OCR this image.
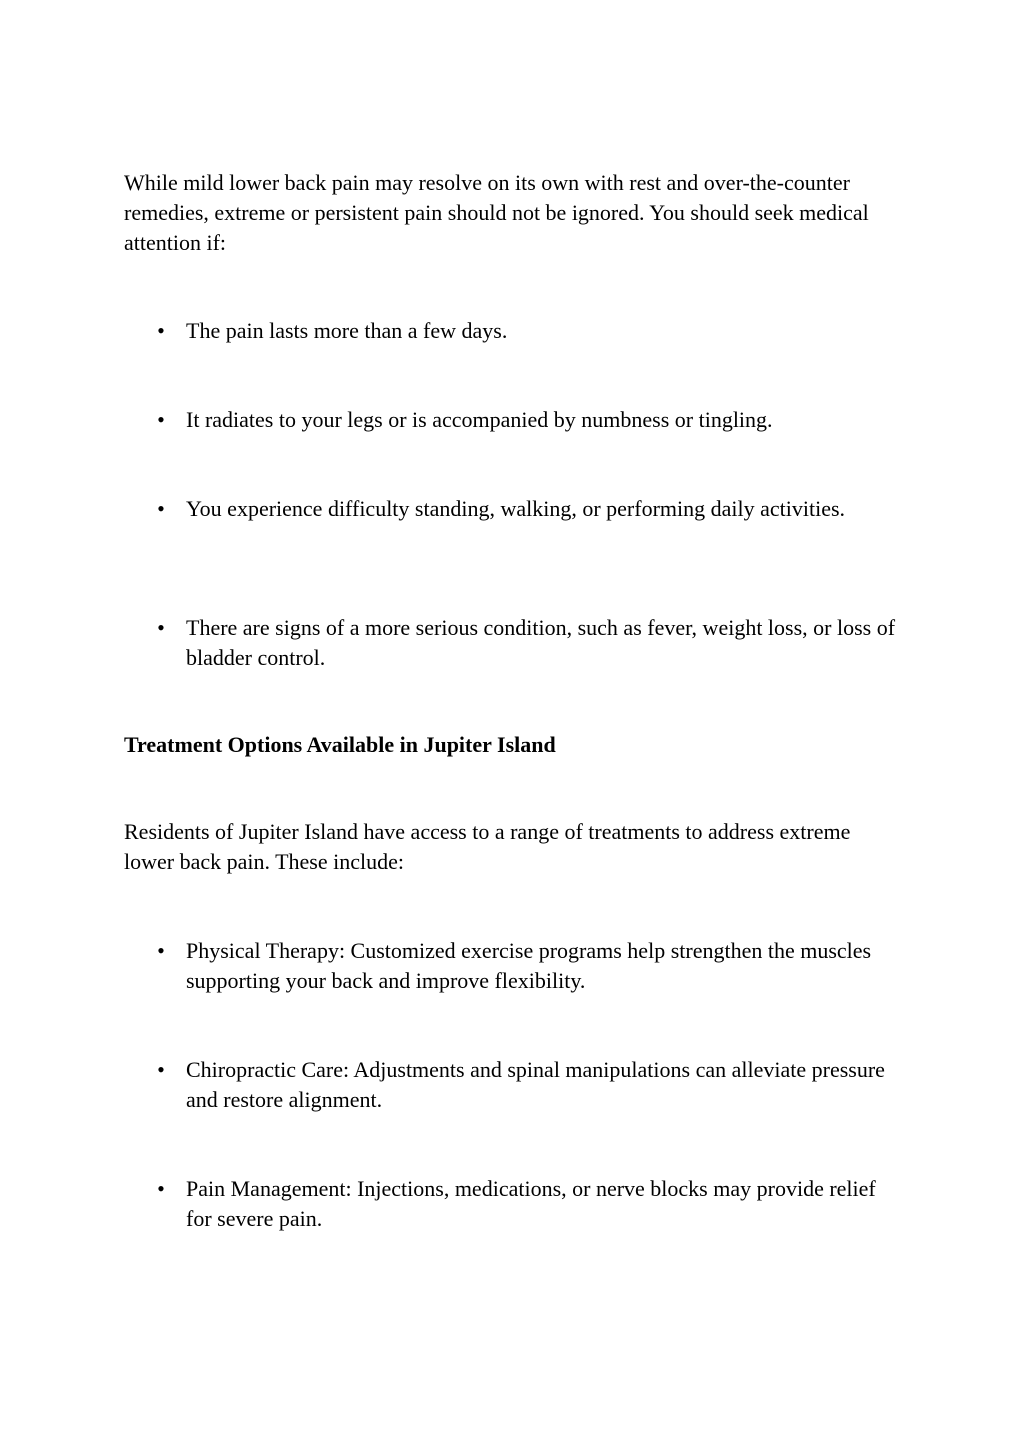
While mild lower back pain may resolve on its own with rest and over-the-counter remedies, extreme or persistent pain should not be ignored. You should seek medical attention if:

• The pain lasts more than a few days.
• It radiates to your legs or is accompanied by numbness or tingling.
• You experience difficulty standing, walking, or performing daily activities.
• There are signs of a more serious condition, such as fever, weight loss, or loss of bladder control.
Treatment Options Available in Jupiter Island

Residents of Jupiter Island have access to a range of treatments to address extreme lower back pain. These include:

• Physical Therapy: Customized exercise programs help strengthen the muscles supporting your back and improve flexibility.
• Chiropractic Care: Adjustments and spinal manipulations can alleviate pressure and restore alignment.
• Pain Management: Injections, medications, or nerve blocks may provide relief for severe pain.
